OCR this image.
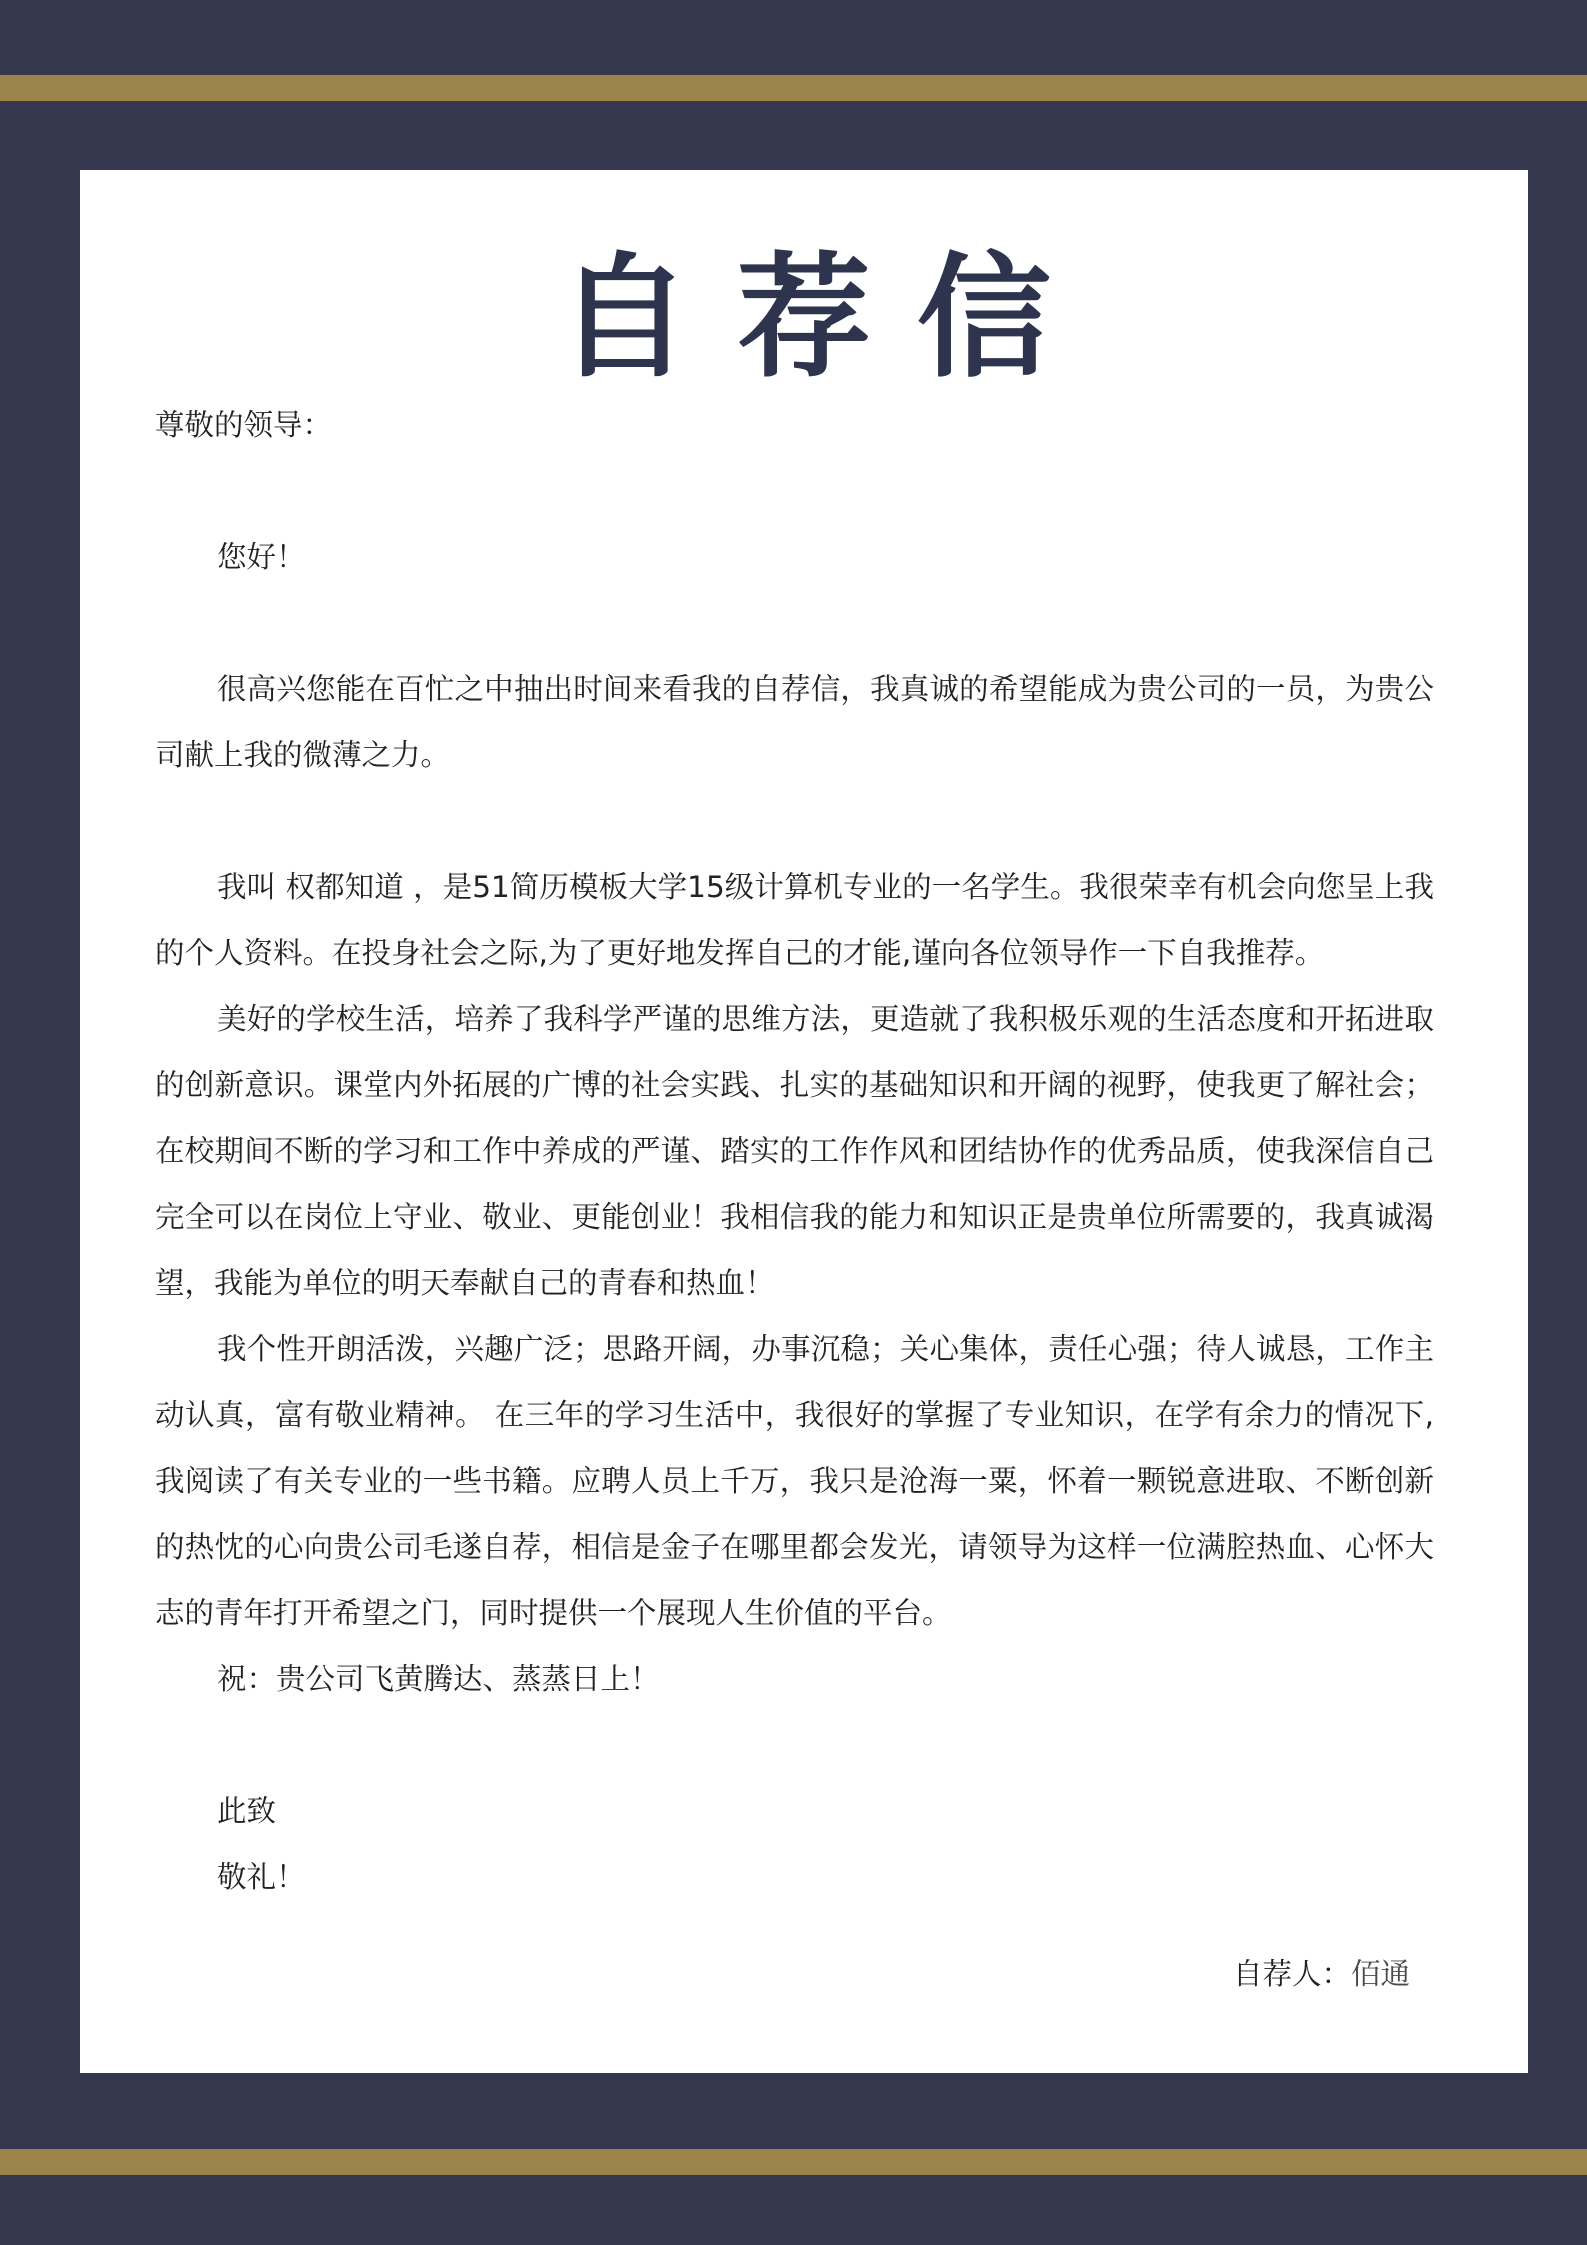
自荐信

尊敬的领导：

您好！

很高兴您能在百忙之中抽出时间来看我的自荐信，我真诚的希望能成为贵公司的一员，为贵公司献上我的微薄之力。

我叫 权都知道 ，是51简历模板大学15级计算机专业的一名学生。我很荣幸有机会向您呈上我的个人资料。在投身社会之际,为了更好地发挥自己的才能,谨向各位领导作一下自我推荐。

美好的学校生活，培养了我科学严谨的思维方法，更造就了我积极乐观的生活态度和开拓进取的创新意识。课堂内外拓展的广博的社会实践、扎实的基础知识和开阔的视野，使我更了解社会；在校期间不断的学习和工作中养成的严谨、踏实的工作作风和团结协作的优秀品质，使我深信自己完全可以在岗位上守业、敬业、更能创业！我相信我的能力和知识正是贵单位所需要的，我真诚渴望，我能为单位的明天奉献自己的青春和热血！

我个性开朗活泼，兴趣广泛；思路开阔，办事沉稳；关心集体，责任心强；待人诚恳，工作主动认真，富有敬业精神。 在三年的学习生活中，我很好的掌握了专业知识，在学有余力的情况下,我阅读了有关专业的一些书籍。应聘人员上千万，我只是沧海一粟，怀着一颗锐意进取、不断创新的热忱的心向贵公司毛遂自荐，相信是金子在哪里都会发光，请领导为这样一位满腔热血、心怀大志的青年打开希望之门，同时提供一个展现人生价值的平台。

祝：贵公司飞黄腾达、蒸蒸日上！

此致

敬礼！

自荐人：佰通
